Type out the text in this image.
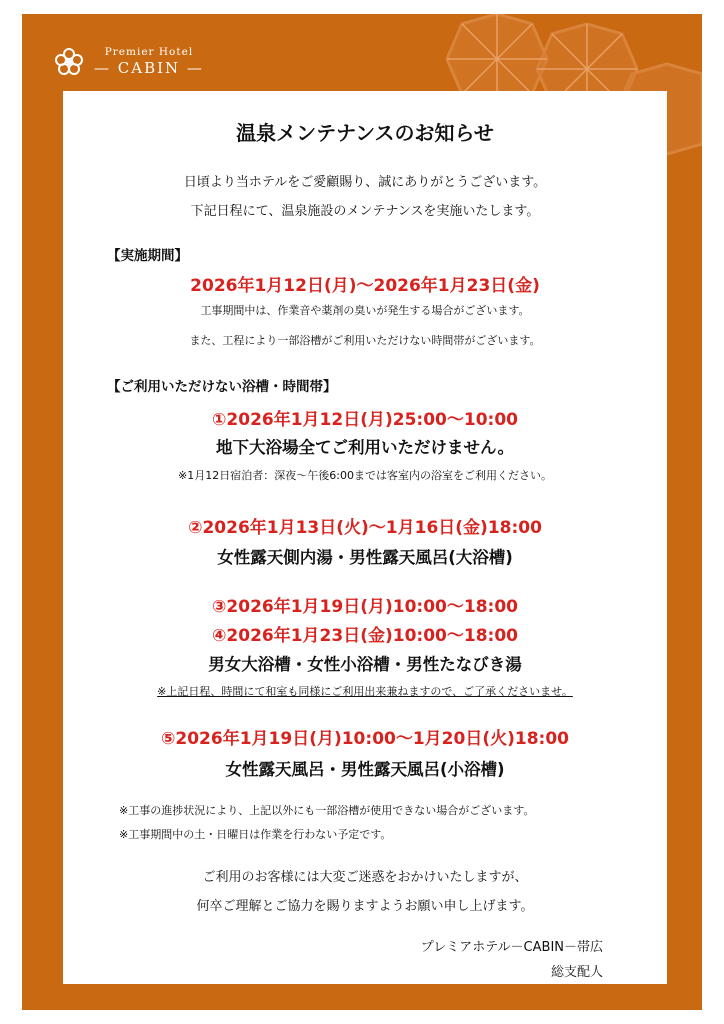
Premier Hotel
— CABIN —
温泉メンテナンスのお知らせ
日頃より当ホテルをご愛顧賜り、誠にありがとうございます。
下記日程にて、温泉施設のメンテナンスを実施いたします。
【実施期間】
2026年1月12日(月)～2026年1月23日(金)
工事期間中は、作業音や薬剤の臭いが発生する場合がございます。
また、工程により一部浴槽がご利用いただけない時間帯がございます。
【ご利用いただけない浴槽・時間帯】
①2026年1月12日(月)25:00～10:00
地下大浴場全てご利用いただけません。
※1月12日宿泊者：深夜～午後6:00までは客室内の浴室をご利用ください。
②2026年1月13日(火)～1月16日(金)18:00
女性露天側内湯・男性露天風呂(大浴槽)
③2026年1月19日(月)10:00～18:00
④2026年1月23日(金)10:00～18:00
男女大浴槽・女性小浴槽・男性たなびき湯
※上記日程、時間にて和室も同様にご利用出来兼ねますので、ご了承くださいませ。
⑤2026年1月19日(月)10:00～1月20日(火)18:00
女性露天風呂・男性露天風呂(小浴槽)
※工事の進捗状況により、上記以外にも一部浴槽が使用できない場合がございます。
※工事期間中の土・日曜日は作業を行わない予定です。
ご利用のお客様には大変ご迷惑をおかけいたしますが、
何卒ご理解とご協力を賜りますようお願い申し上げます。
プレミアホテル－CABIN－帯広
総支配人
